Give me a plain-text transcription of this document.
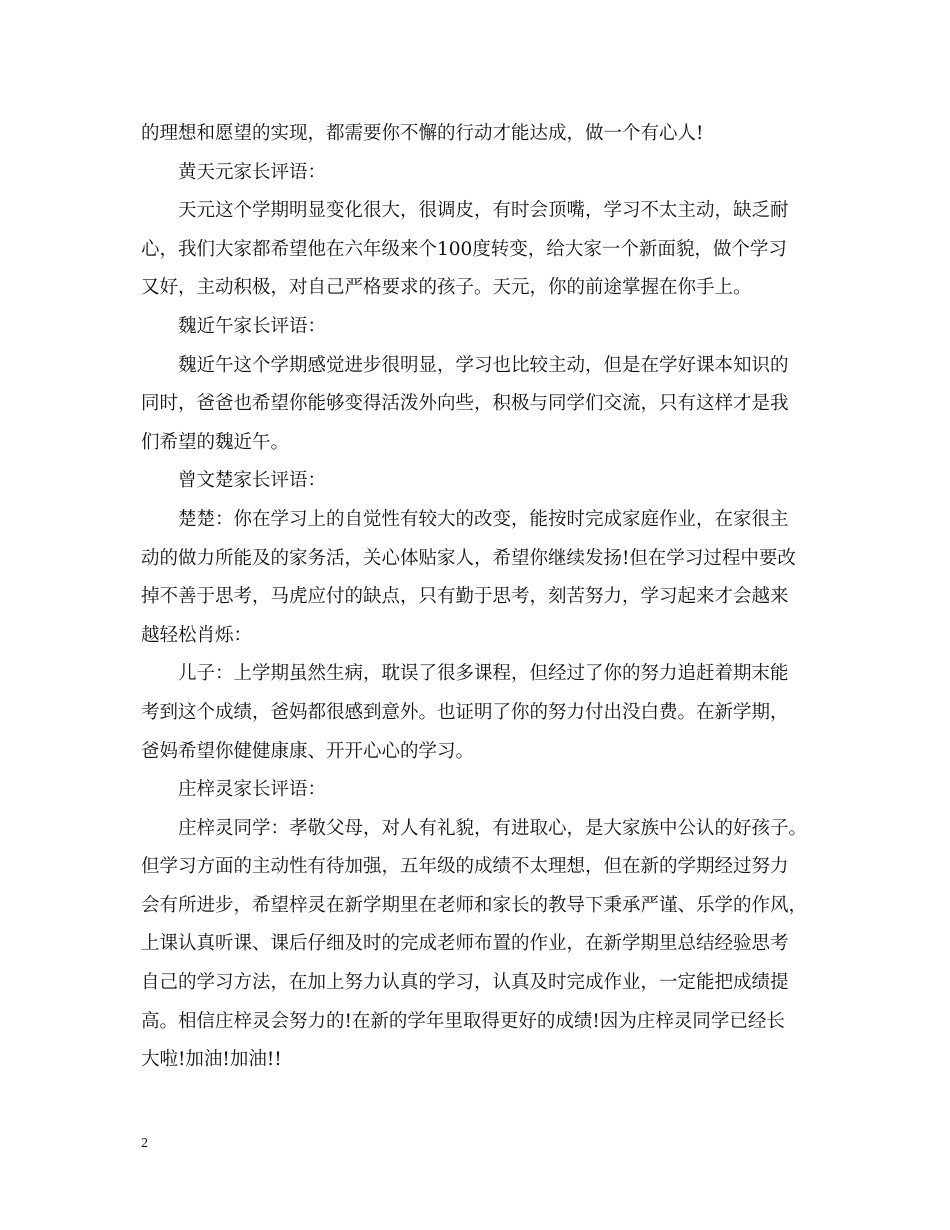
的理想和愿望的实现，都需要你不懈的行动才能达成，做一个有心人!
黄天元家长评语：
天元这个学期明显变化很大，很调皮，有时会顶嘴，学习不太主动，缺乏耐
心，我们大家都希望他在六年级来个100度转变，给大家一个新面貌，做个学习
又好，主动积极，对自己严格要求的孩子。天元，你的前途掌握在你手上。
魏近午家长评语：
魏近午这个学期感觉进步很明显，学习也比较主动，但是在学好课本知识的
同时，爸爸也希望你能够变得活泼外向些，积极与同学们交流，只有这样才是我
们希望的魏近午。
曾文楚家长评语：
楚楚：你在学习上的自觉性有较大的改变，能按时完成家庭作业，在家很主
动的做力所能及的家务活，关心体贴家人，希望你继续发扬!但在学习过程中要改
掉不善于思考，马虎应付的缺点，只有勤于思考，刻苦努力，学习起来才会越来
越轻松肖烁：
儿子：上学期虽然生病，耽误了很多课程，但经过了你的努力追赶着期末能
考到这个成绩，爸妈都很感到意外。也证明了你的努力付出没白费。在新学期，
爸妈希望你健健康康、开开心心的学习。
庄梓灵家长评语：
庄梓灵同学：孝敬父母，对人有礼貌，有进取心，是大家族中公认的好孩子。
但学习方面的主动性有待加强，五年级的成绩不太理想，但在新的学期经过努力
会有所进步，希望梓灵在新学期里在老师和家长的教导下秉承严谨、乐学的作风，
上课认真听课、课后仔细及时的完成老师布置的作业，在新学期里总结经验思考
自己的学习方法，在加上努力认真的学习，认真及时完成作业，一定能把成绩提
高。相信庄梓灵会努力的!在新的学年里取得更好的成绩!因为庄梓灵同学已经长
大啦!加油!加油!!
2
